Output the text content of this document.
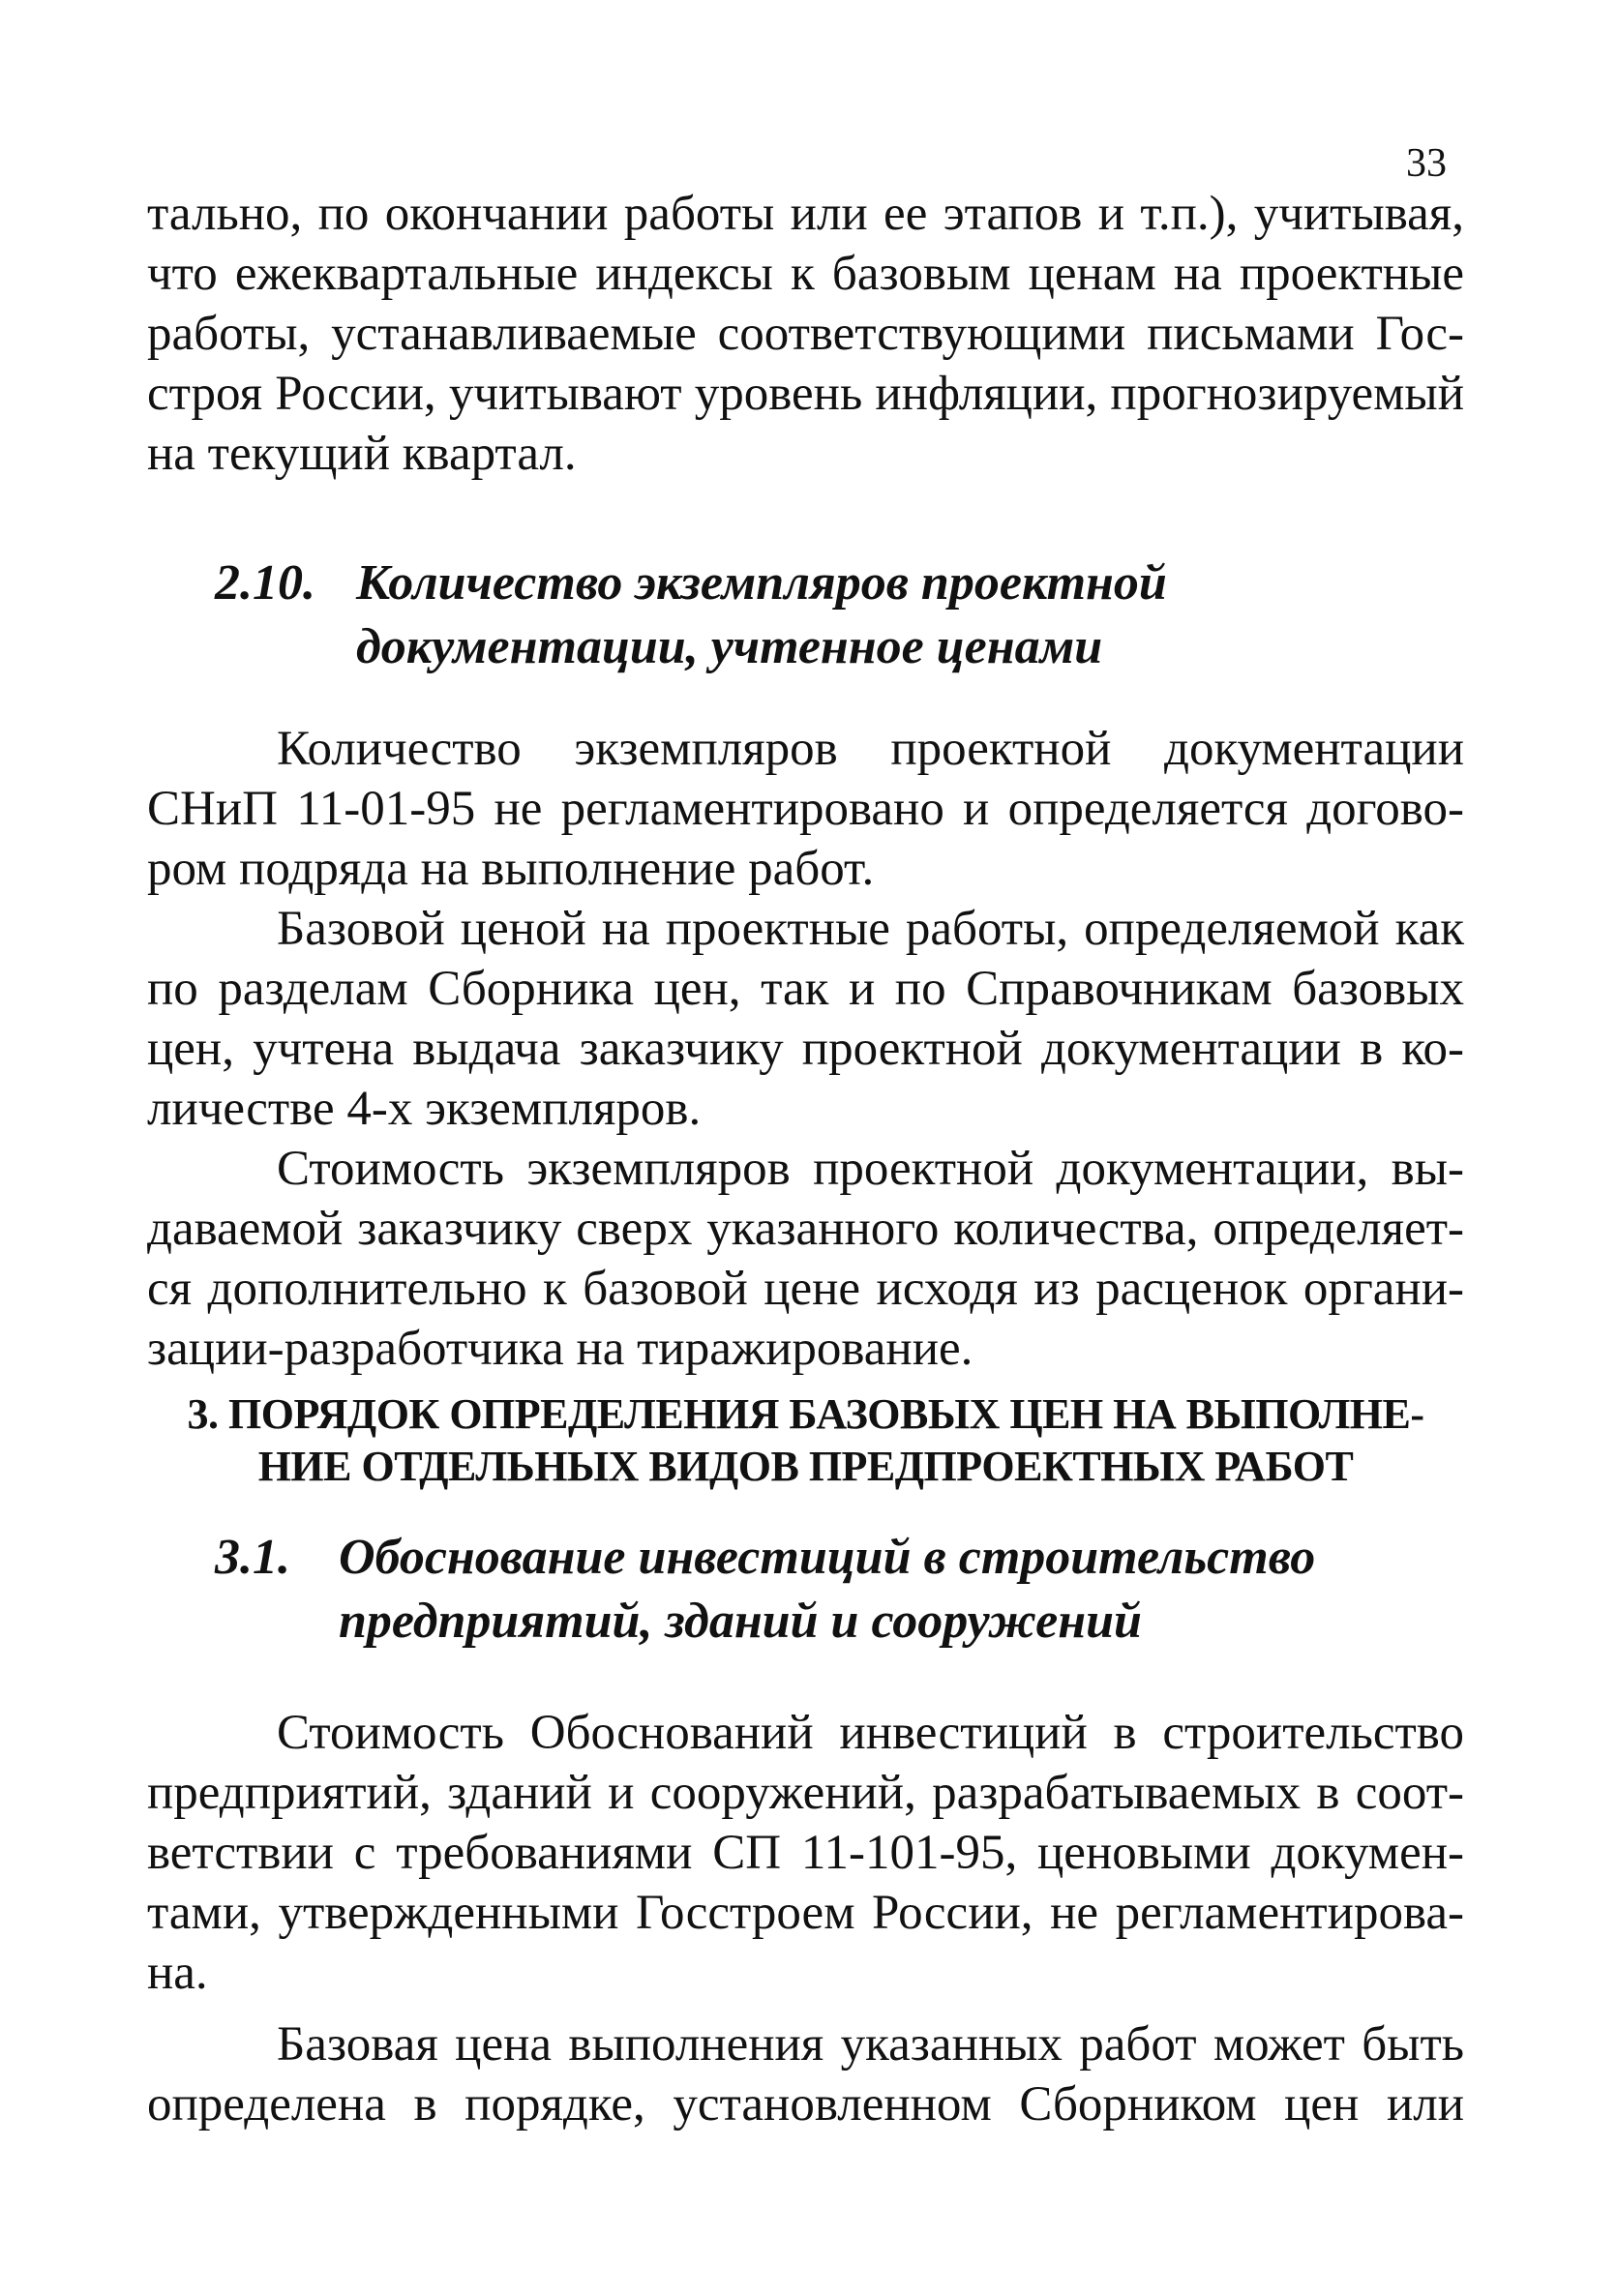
33

тально, по окончании работы или ее этапов и т.п.), учитывая,
что ежеквартальные индексы к базовым ценам на проектные
работы, устанавливаемые соответствующими письмами Гос-
строя России, учитывают уровень инфляции, прогнозируемый
на текущий квартал.

2.10. Количество экземпляров проектной
документации, учтенное ценами

Количество экземпляров проектной документации
СНиП 11-01-95 не регламентировано и определяется догово-
ром подряда на выполнение работ.

Базовой ценой на проектные работы, определяемой как
по разделам Сборника цен, так и по Справочникам базовых
цен, учтена выдача заказчику проектной документации в ко-
личестве 4-х экземпляров.

Стоимость экземпляров проектной документации, вы-
даваемой заказчику сверх указанного количества, определяет-
ся дополнительно к базовой цене исходя из расценок органи-
зации-разработчика на тиражирование.

3. ПОРЯДОК ОПРЕДЕЛЕНИЯ БАЗОВЫХ ЦЕН НА ВЫПОЛНЕ-
НИЕ ОТДЕЛЬНЫХ ВИДОВ ПРЕДПРОЕКТНЫХ РАБОТ
3.1. Обоснование инвестиций в строительство
предприятий, зданий и сооружений

Стоимость Обоснований инвестиций в строительство
предприятий, зданий и сооружений, разрабатываемых в соот-
ветствии с требованиями СП 11-101-95, ценовыми докумен-
тами, утвержденными Госстроем России, не регламентирова-
на.

Базовая цена выполнения указанных работ может быть
определена в порядке, установленном Сборником цен или
